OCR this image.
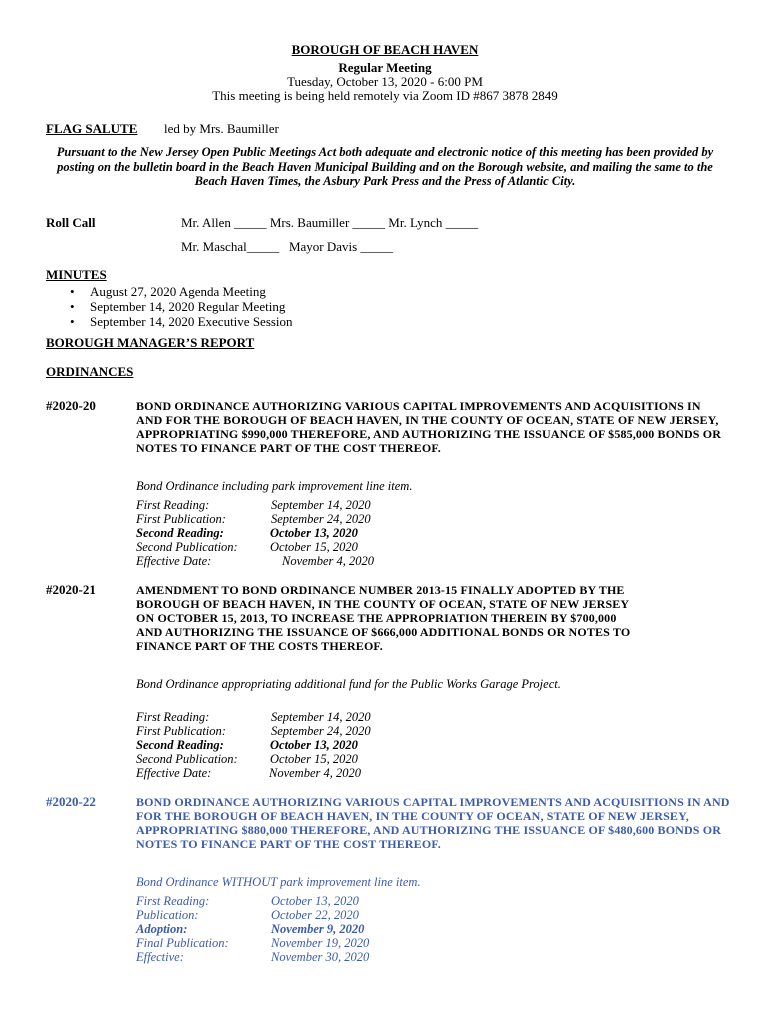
BOROUGH OF BEACH HAVEN
Regular Meeting
Tuesday, October 13, 2020 - 6:00 PM
This meeting is being held remotely via Zoom ID #867 3878 2849
FLAG SALUTE led by Mrs. Baumiller
Pursuant to the New Jersey Open Public Meetings Act both adequate and electronic notice of this meeting has been provided by posting on the bulletin board in the Beach Haven Municipal Building and on the Borough website, and mailing the same to the Beach Haven Times, the Asbury Park Press and the Press of Atlantic City.
Roll Call	Mr. Allen _____ Mrs. Baumiller _____ Mr. Lynch _____
Mr. Maschal_____   Mayor Davis _____
MINUTES
• August 27, 2020 Agenda Meeting
• September 14, 2020 Regular Meeting
• September 14, 2020 Executive Session
BOROUGH MANAGER’S REPORT
ORDINANCES
#2020-20	BOND ORDINANCE AUTHORIZING VARIOUS CAPITAL IMPROVEMENTS AND ACQUISITIONS IN AND FOR THE BOROUGH OF BEACH HAVEN, IN THE COUNTY OF OCEAN, STATE OF NEW JERSEY, APPROPRIATING $990,000 THEREFORE, AND AUTHORIZING THE ISSUANCE OF $585,000 BONDS OR NOTES TO FINANCE PART OF THE COST THEREOF.
Bond Ordinance including park improvement line item.
First Reading:	September 14, 2020
First Publication:	September 24, 2020
Second Reading:	October 13, 2020
Second Publication:	October 15, 2020
Effective Date:	November 4, 2020
#2020-21	AMENDMENT TO BOND ORDINANCE NUMBER 2013-15 FINALLY ADOPTED BY THE BOROUGH OF BEACH HAVEN, IN THE COUNTY OF OCEAN, STATE OF NEW JERSEY ON OCTOBER 15, 2013, TO INCREASE THE APPROPRIATION THEREIN BY $700,000 AND AUTHORIZING THE ISSUANCE OF $666,000 ADDITIONAL BONDS OR NOTES TO FINANCE PART OF THE COSTS THEREOF.
Bond Ordinance appropriating additional fund for the Public Works Garage Project.
First Reading:	September 14, 2020
First Publication:	September 24, 2020
Second Reading:	October 13, 2020
Second Publication:	October 15, 2020
Effective Date:	November 4, 2020
#2020-22	BOND ORDINANCE AUTHORIZING VARIOUS CAPITAL IMPROVEMENTS AND ACQUISITIONS IN AND FOR THE BOROUGH OF BEACH HAVEN, IN THE COUNTY OF OCEAN, STATE OF NEW JERSEY, APPROPRIATING $880,000 THEREFORE, AND AUTHORIZING THE ISSUANCE OF $480,600 BONDS OR NOTES TO FINANCE PART OF THE COST THEREOF.
Bond Ordinance WITHOUT park improvement line item.
First Reading:	October 13, 2020
Publication:	October 22, 2020
Adoption:	November 9, 2020
Final Publication:	November 19, 2020
Effective:	November 30, 2020
